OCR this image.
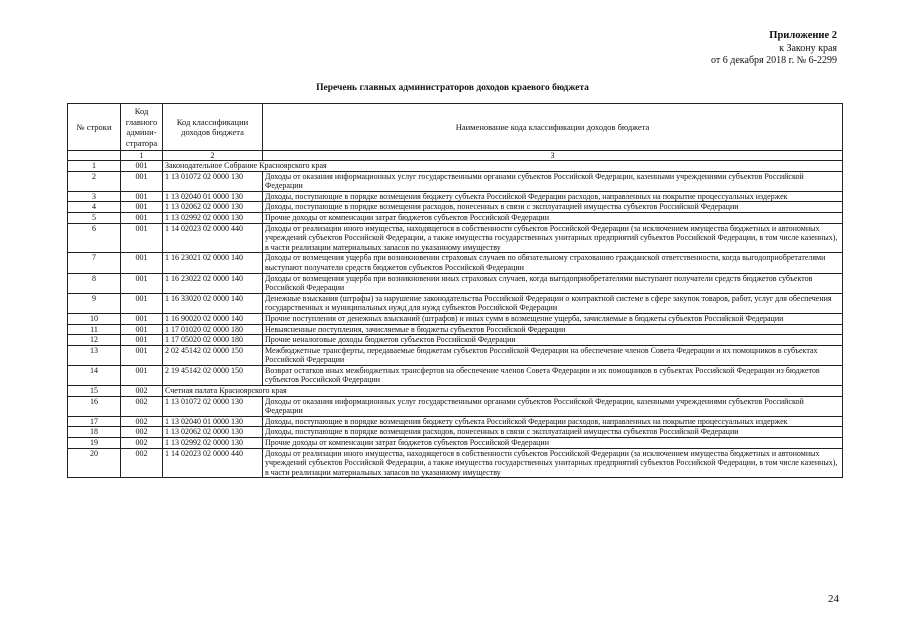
Приложение 2
к Закону края
от 6 декабря 2018 г. № 6-2299
Перечень главных администраторов доходов краевого бюджета
№ строки	Код главного админи-стратора	Код классификации доходов бюджета	Наименование кода классификации доходов бюджета
	1	2	3
1	001	Законодательное Собрание Красноярского края	
2	001	1 13 01072 02 0000 130	Доходы от оказания информационных услуг государственными органами субъектов Российской Федерации, казенными учреждениями субъектов Российской Федерации
3	001	1 13 02040 01 0000 130	Доходы, поступающие в порядке возмещения бюджету субъекта Российской Федерации расходов, направленных на покрытие процессуальных издержек
4	001	1 13 02062 02 0000 130	Доходы, поступающие в порядке возмещения расходов, понесенных в связи с эксплуатацией имущества субъектов Российской Федерации
5	001	1 13 02992 02 0000 130	Прочие доходы от компенсации затрат бюджетов субъектов Российской Федерации
6	001	1 14 02023 02 0000 440	Доходы от реализации иного имущества, находящегося в собственности субъектов Российской Федерации (за исключением имущества бюджетных и автономных учреждений субъектов Российской Федерации, а также имущества государственных унитарных предприятий субъектов Российской Федерации, в том числе казенных), в части реализации материальных запасов по указанному имуществу
7	001	1 16 23021 02 0000 140	Доходы от возмещения ущерба при возникновении страховых случаев по обязательному страхованию гражданской ответственности, когда выгодоприобретателями выступают получатели средств бюджетов субъектов Российской Федерации
8	001	1 16 23022 02 0000 140	Доходы от возмещения ущерба при возникновении иных страховых случаев, когда выгодоприобретателями выступают получатели средств бюджетов субъектов Российской Федерации
9	001	1 16 33020 02 0000 140	Денежные взыскания (штрафы) за нарушение законодательства Российской Федерации о контрактной системе в сфере закупок товаров, работ, услуг для обеспечения государственных и муниципальных нужд для нужд субъектов Российской Федерации
10	001	1 16 90020 02 0000 140	Прочие поступления от денежных взысканий (штрафов) и иных сумм в возмещение ущерба, зачисляемые в бюджеты субъектов Российской Федерации
11	001	1 17 01020 02 0000 180	Невыясненные поступления, зачисляемые в бюджеты субъектов Российской Федерации
12	001	1 17 05020 02 0000 180	Прочие неналоговые доходы бюджетов субъектов Российской Федерации
13	001	2 02 45142 02 0000 150	Межбюджетные трансферты, передаваемые бюджетам субъектов Российской Федерации на обеспечение членов Совета Федерации и их помощников в субъектах Российской Федерации
14	001	2 19 45142 02 0000 150	Возврат остатков иных межбюджетных трансфертов на обеспечение членов Совета Федерации и их помощников в субъектах Российской Федерации из бюджетов субъектов Российской Федерации
15	002	Счетная палата Красноярского края	
16	002	1 13 01072 02 0000 130	Доходы от оказания информационных услуг государственными органами субъектов Российской Федерации, казенными учреждениями субъектов Российской Федерации
17	002	1 13 02040 01 0000 130	Доходы, поступающие в порядке возмещения бюджету субъекта Российской Федерации расходов, направленных на покрытие процессуальных издержек
18	002	1 13 02062 02 0000 130	Доходы, поступающие в порядке возмещения расходов, понесенных в связи с эксплуатацией имущества субъектов Российской Федерации
19	002	1 13 02992 02 0000 130	Прочие доходы от компенсации затрат бюджетов субъектов Российской Федерации
20	002	1 14 02023 02 0000 440	Доходы от реализации иного имущества, находящегося в собственности субъектов Российской Федерации (за исключением имущества бюджетных и автономных учреждений субъектов Российской Федерации, а также имущества государственных унитарных предприятий субъектов Российской Федерации, в том числе казенных), в части реализации материальных запасов по указанному имуществу
24
